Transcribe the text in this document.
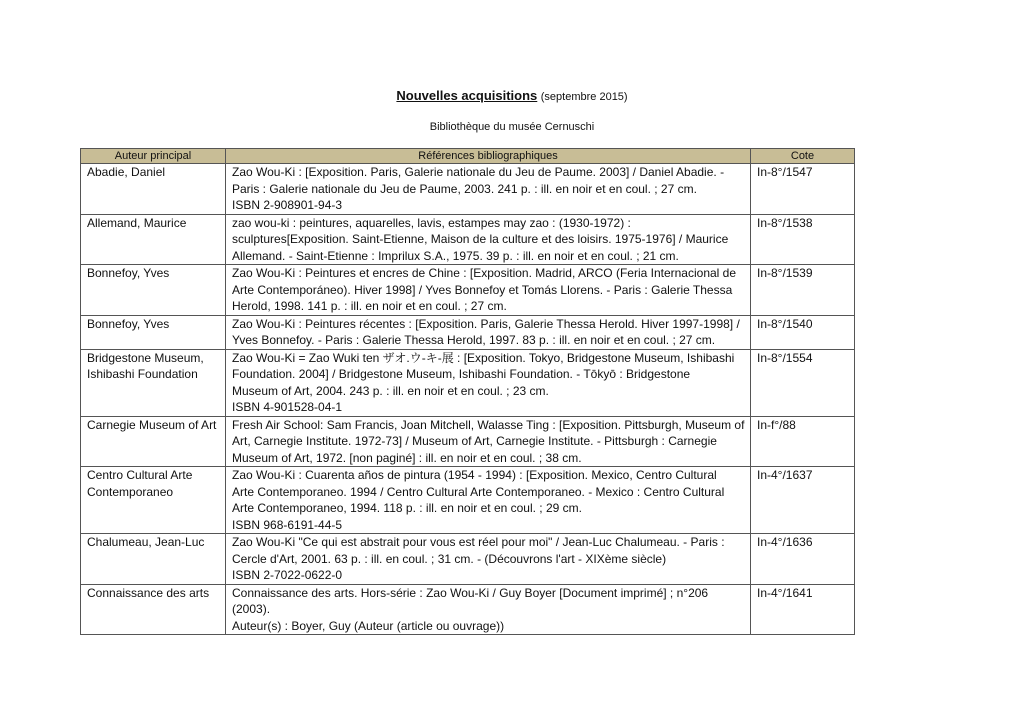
Nouvelles acquisitions (septembre 2015)
Bibliothèque du musée Cernuschi
Auteur principal	Références bibliographiques	Cote
Abadie, Daniel	Zao Wou-Ki : [Exposition. Paris, Galerie nationale du Jeu de Paume. 2003] / Daniel Abadie. -
Paris : Galerie nationale du Jeu de Paume, 2003. 241 p. : ill. en noir et en coul. ; 27 cm.
ISBN 2-908901-94-3	In-8°/1547
Allemand, Maurice	zao wou-ki : peintures, aquarelles, lavis, estampes may zao : (1930-1972) :
sculptures[Exposition. Saint-Etienne, Maison de la culture et des loisirs. 1975-1976] / Maurice
Allemand. - Saint-Etienne : Imprilux S.A., 1975. 39 p. : ill. en noir et en coul. ; 21 cm.	In-8°/1538
Bonnefoy, Yves	Zao Wou-Ki : Peintures et encres de Chine : [Exposition. Madrid, ARCO (Feria Internacional de
Arte Contemporáneo). Hiver 1998] / Yves Bonnefoy et Tomás Llorens. - Paris : Galerie Thessa
Herold, 1998. 141 p. : ill. en noir et en coul. ; 27 cm.	In-8°/1539
Bonnefoy, Yves	Zao Wou-Ki : Peintures récentes : [Exposition. Paris, Galerie Thessa Herold. Hiver 1997-1998] /
Yves Bonnefoy. - Paris : Galerie Thessa Herold, 1997. 83 p. : ill. en noir et en coul. ; 27 cm.	In-8°/1540
Bridgestone Museum, Ishibashi Foundation	Zao Wou-Ki = Zao Wuki ten ザオ.ウ-キ-展 : [Exposition. Tokyo, Bridgestone Museum, Ishibashi
Foundation. 2004] / Bridgestone Museum, Ishibashi Foundation. - Tōkyō : Bridgestone
Museum of Art, 2004. 243 p. : ill. en noir et en coul. ; 23 cm.
ISBN 4-901528-04-1	In-8°/1554
Carnegie Museum of Art	Fresh Air School: Sam Francis, Joan Mitchell, Walasse Ting : [Exposition. Pittsburgh, Museum of
Art, Carnegie Institute. 1972-73] / Museum of Art, Carnegie Institute. - Pittsburgh : Carnegie
Museum of Art, 1972. [non paginé] : ill. en noir et en coul. ; 38 cm.	In-f°/88
Centro Cultural Arte Contemporaneo	Zao Wou-Ki : Cuarenta años de pintura (1954 - 1994) : [Exposition. Mexico, Centro Cultural
Arte Contemporaneo. 1994 / Centro Cultural Arte Contemporaneo. - Mexico : Centro Cultural
Arte Contemporaneo, 1994. 118 p. : ill. en noir et en coul. ; 29 cm.
ISBN 968-6191-44-5	In-4°/1637
Chalumeau, Jean-Luc	Zao Wou-Ki "Ce qui est abstrait pour vous est réel pour moi" / Jean-Luc Chalumeau. - Paris :
Cercle d'Art, 2001. 63 p. : ill. en coul. ; 31 cm. - (Découvrons l'art - XIXème siècle)
ISBN 2-7022-0622-0	In-4°/1636
Connaissance des arts	Connaissance des arts. Hors-série : Zao Wou-Ki / Guy Boyer [Document imprimé] ; n°206
(2003).
Auteur(s) : Boyer, Guy (Auteur (article ou ouvrage))	In-4°/1641
